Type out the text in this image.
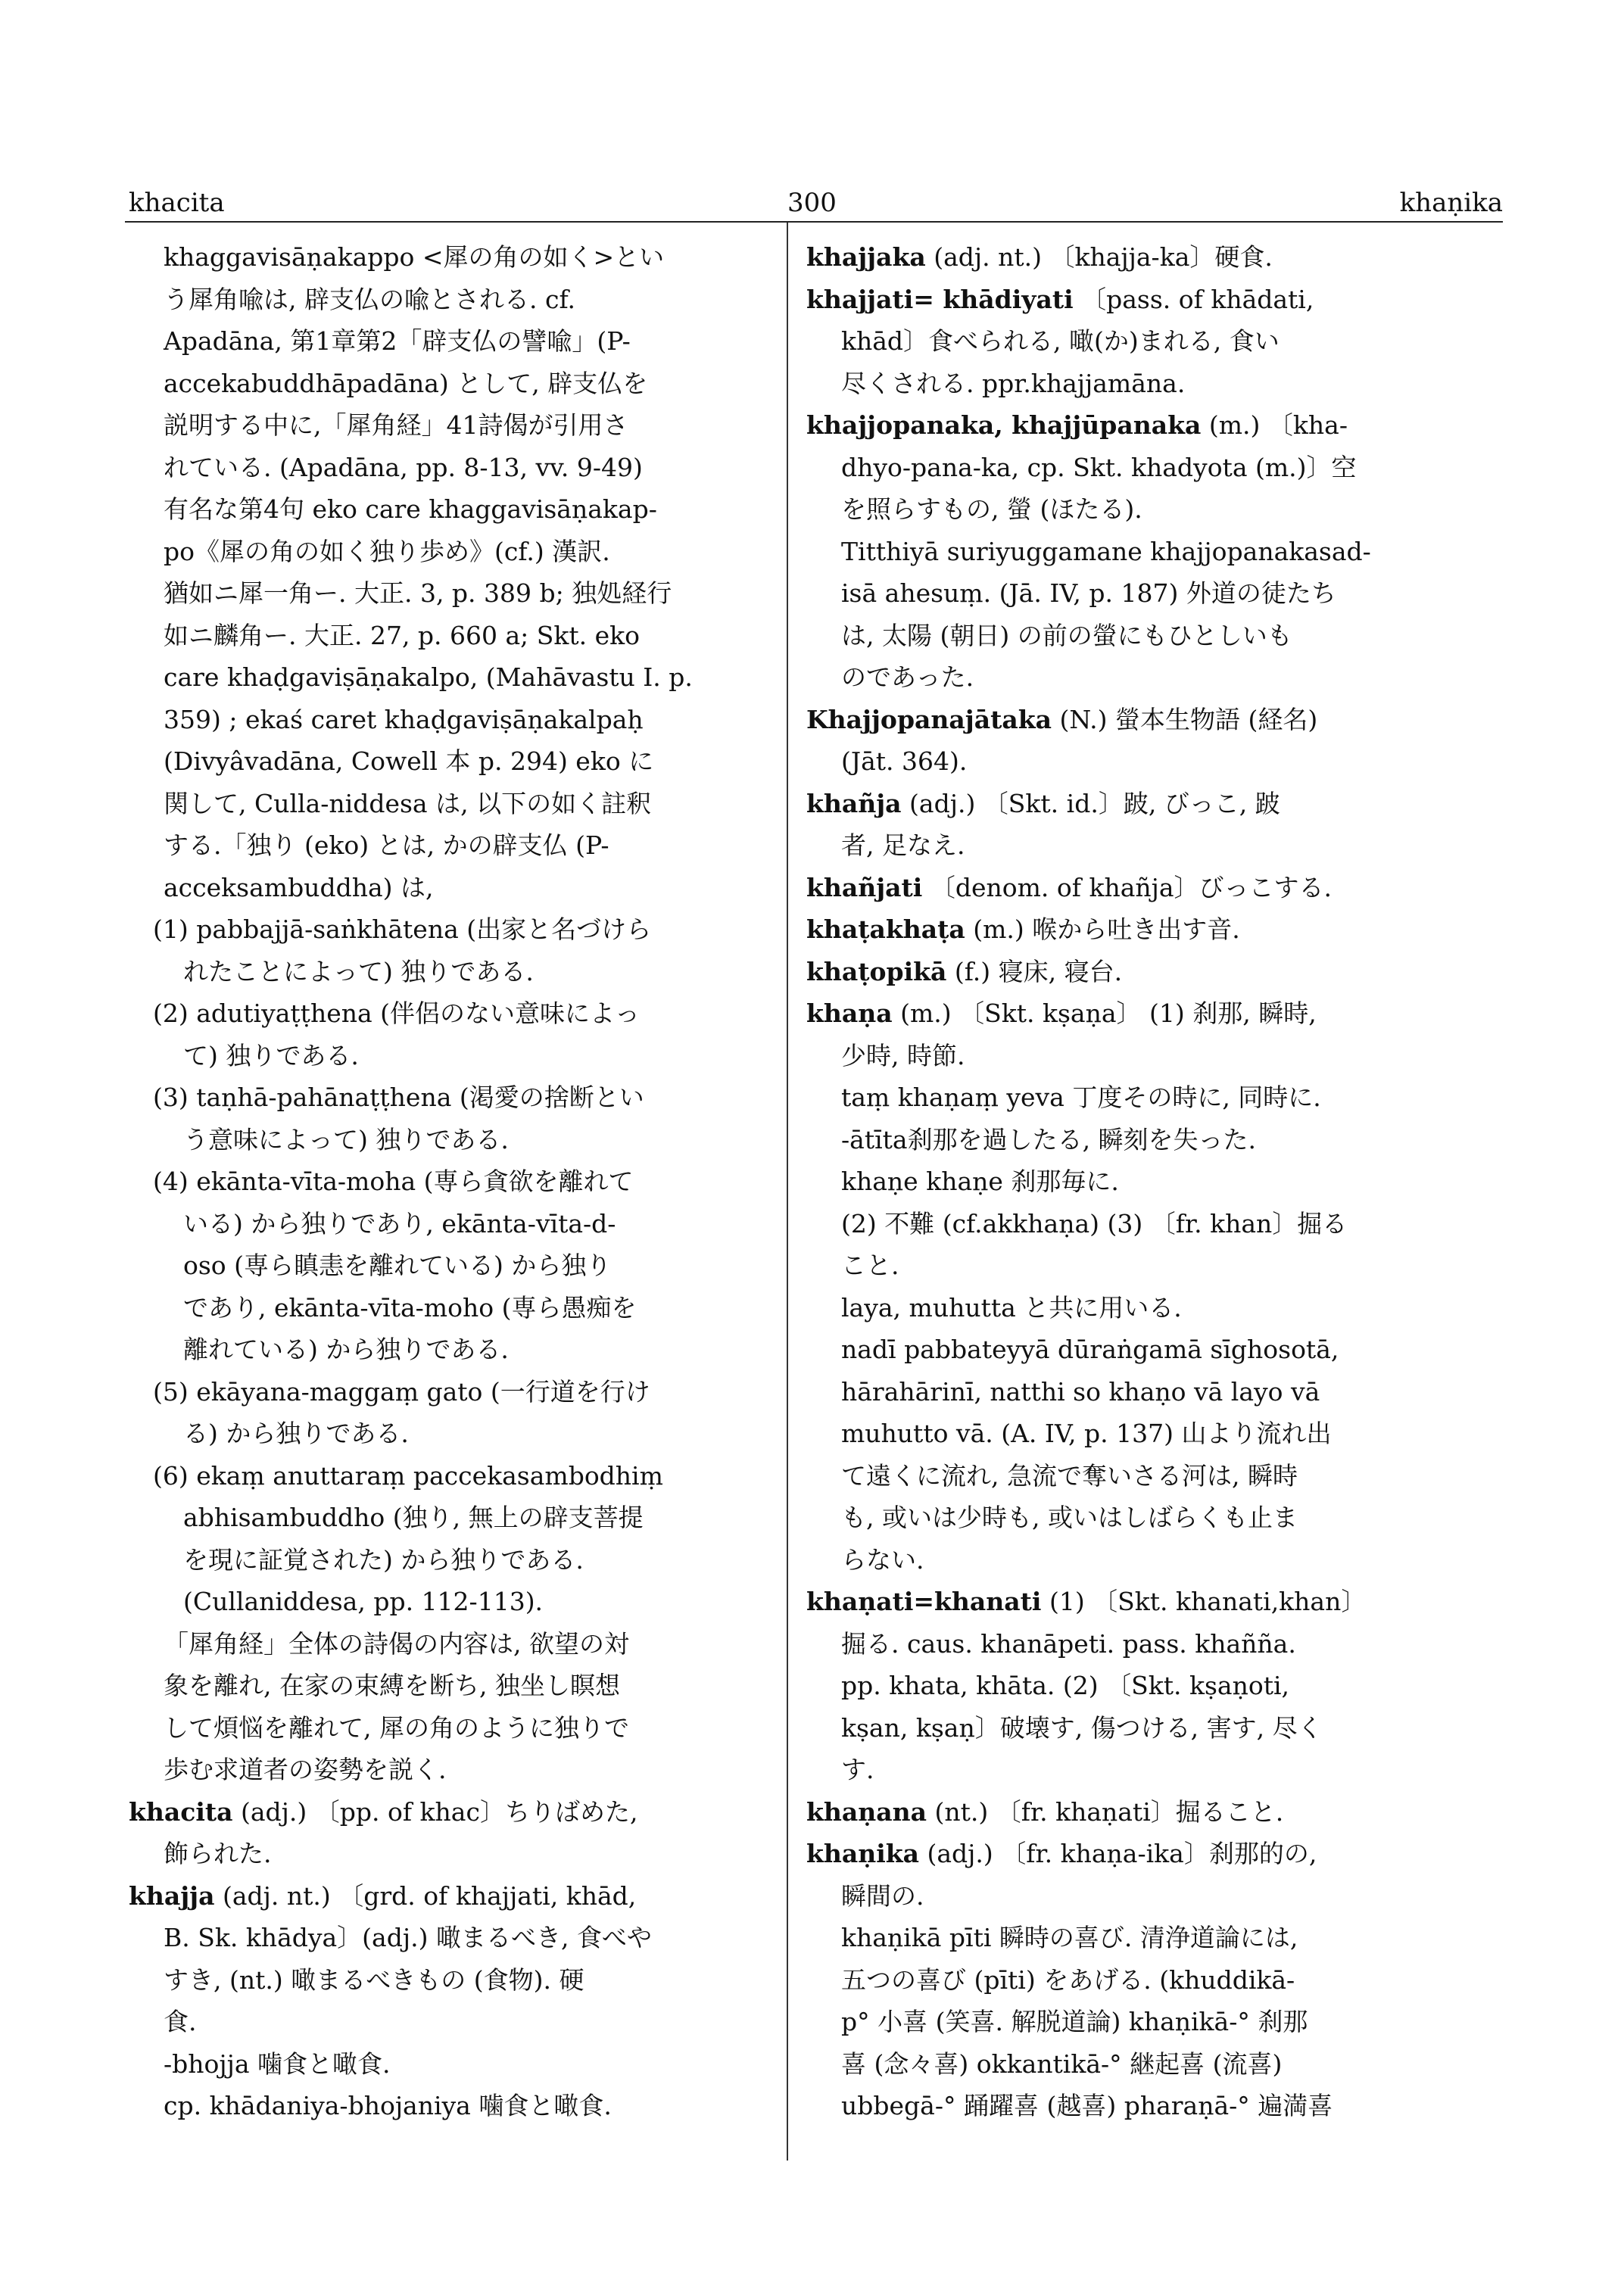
khacita	300	khaṇika

khaggavisāṇakappo <犀の角の如く>とい

う犀角喩は, 辟支仏の喩とされる. cf.

Apadāna, 第1章第2「辟支仏の譬喩」(P-

accekabuddhāpadāna) として, 辟支仏を

説明する中に,「犀角経」41詩偈が引用さ

れている. (Apadāna, pp. 8-13, vv. 9-49)

有名な第4句 eko care khaggavisāṇakap-

po《犀の角の如く独り歩め》(cf.) 漢訳.

猶如ニ犀一角ー. 大正. 3, p. 389 b; 独処経行

如ニ麟角ー. 大正. 27, p. 660 a; Skt. eko

care khaḍgaviṣāṇakalpo, (Mahāvastu I. p.

359) ; ekaś caret khaḍgaviṣāṇakalpaḥ

(Divyâvadāna, Cowell 本 p. 294) eko に

関して, Culla-niddesa は, 以下の如く註釈

する.「独り (eko) とは, かの辟支仏 (P-

acceksambuddha) は,

(1) pabbajjā-saṅkhātena (出家と名づけら

れたことによって) 独りである.

(2) adutiyaṭṭhena (伴侶のない意味によっ

て) 独りである.

(3) taṇhā-pahānaṭṭhena (渇愛の捨断とい

う意味によって) 独りである.

(4) ekānta-vīta-moha (専ら貪欲を離れて

いる) から独りであり, ekānta-vīta-d-

oso (専ら瞋恚を離れている) から独り

であり, ekānta-vīta-moho (専ら愚痴を

離れている) から独りである.

(5) ekāyana-maggaṃ gato (一行道を行け

る) から独りである.

(6) ekaṃ anuttaraṃ paccekasambodhiṃ

abhisambuddho (独り, 無上の辟支菩提

を現に証覚された) から独りである.

(Cullaniddesa, pp. 112-113).

「犀角経」全体の詩偈の内容は, 欲望の対

象を離れ, 在家の束縛を断ち, 独坐し瞑想

して煩悩を離れて, 犀の角のように独りで

歩む求道者の姿勢を説く.

khacita (adj.) 〔pp. of khac〕ちりばめた,

飾られた.

khajja (adj. nt.) 〔grd. of khajjati, khād,

B. Sk. khādya〕(adj.) 噉まるべき, 食べや

すき, (nt.) 噉まるべきもの (食物). 硬

食.

-bhojja 噛食と噉食.

cp. khādaniya-bhojaniya 噛食と噉食.

khajjaka (adj. nt.) 〔khajja-ka〕硬食.

khajjati= khādiyati 〔pass. of khādati,

khād〕食べられる, 噉(か)まれる, 食い

尽くされる. ppr.khajjamāna.

khajjopanaka, khajjūpanaka (m.) 〔kha-

dhyo-pana-ka, cp. Skt. khadyota (m.)〕空

を照らすもの, 螢 (ほたる).

Titthiyā suriyuggamane khajjopanakasad-

isā ahesuṃ. (Jā. IV, p. 187) 外道の徒たち

は, 太陽 (朝日) の前の螢にもひとしいも

のであった.

Khajjopanajātaka (N.) 螢本生物語 (経名)

(Jāt. 364).

khañja (adj.) 〔Skt. id.〕跛, びっこ, 跛

者, 足なえ.

khañjati 〔denom. of khañja〕びっこする.

khaṭakhaṭa (m.) 喉から吐き出す音.

khaṭopikā (f.) 寝床, 寝台.

khaṇa (m.) 〔Skt. kṣaṇa〕 (1) 刹那, 瞬時,

少時, 時節.

taṃ khaṇaṃ yeva 丁度その時に, 同時に.

-ātīta刹那を過したる, 瞬刻を失った.

khaṇe khaṇe 刹那毎に.

(2) 不難 (cf.akkhaṇa) (3) 〔fr. khan〕掘る

こと.

laya, muhutta と共に用いる.

nadī pabbateyyā dūraṅgamā sīghosotā,

hārahārinī, natthi so khaṇo vā layo vā

muhutto vā. (A. IV, p. 137) 山より流れ出

て遠くに流れ, 急流で奪いさる河は, 瞬時

も, 或いは少時も, 或いはしばらくも止ま

らない.

khaṇati=khanati (1) 〔Skt. khanati,khan〕

掘る. caus. khanāpeti. pass. khañña.

pp. khata, khāta. (2) 〔Skt. kṣaṇoti,

kṣan, kṣaṇ〕破壊す, 傷つける, 害す, 尽く

す.

khaṇana (nt.) 〔fr. khaṇati〕掘ること.

khaṇika (adj.) 〔fr. khaṇa-ika〕刹那的の,

瞬間の.

khaṇikā pīti 瞬時の喜び. 清浄道論には,

五つの喜び (pīti) をあげる. (khuddikā-

p° 小喜 (笑喜. 解脱道論) khaṇikā-° 刹那

喜 (念々喜) okkantikā-° 継起喜 (流喜)

ubbegā-° 踊躍喜 (越喜) pharaṇā-° 遍満喜
